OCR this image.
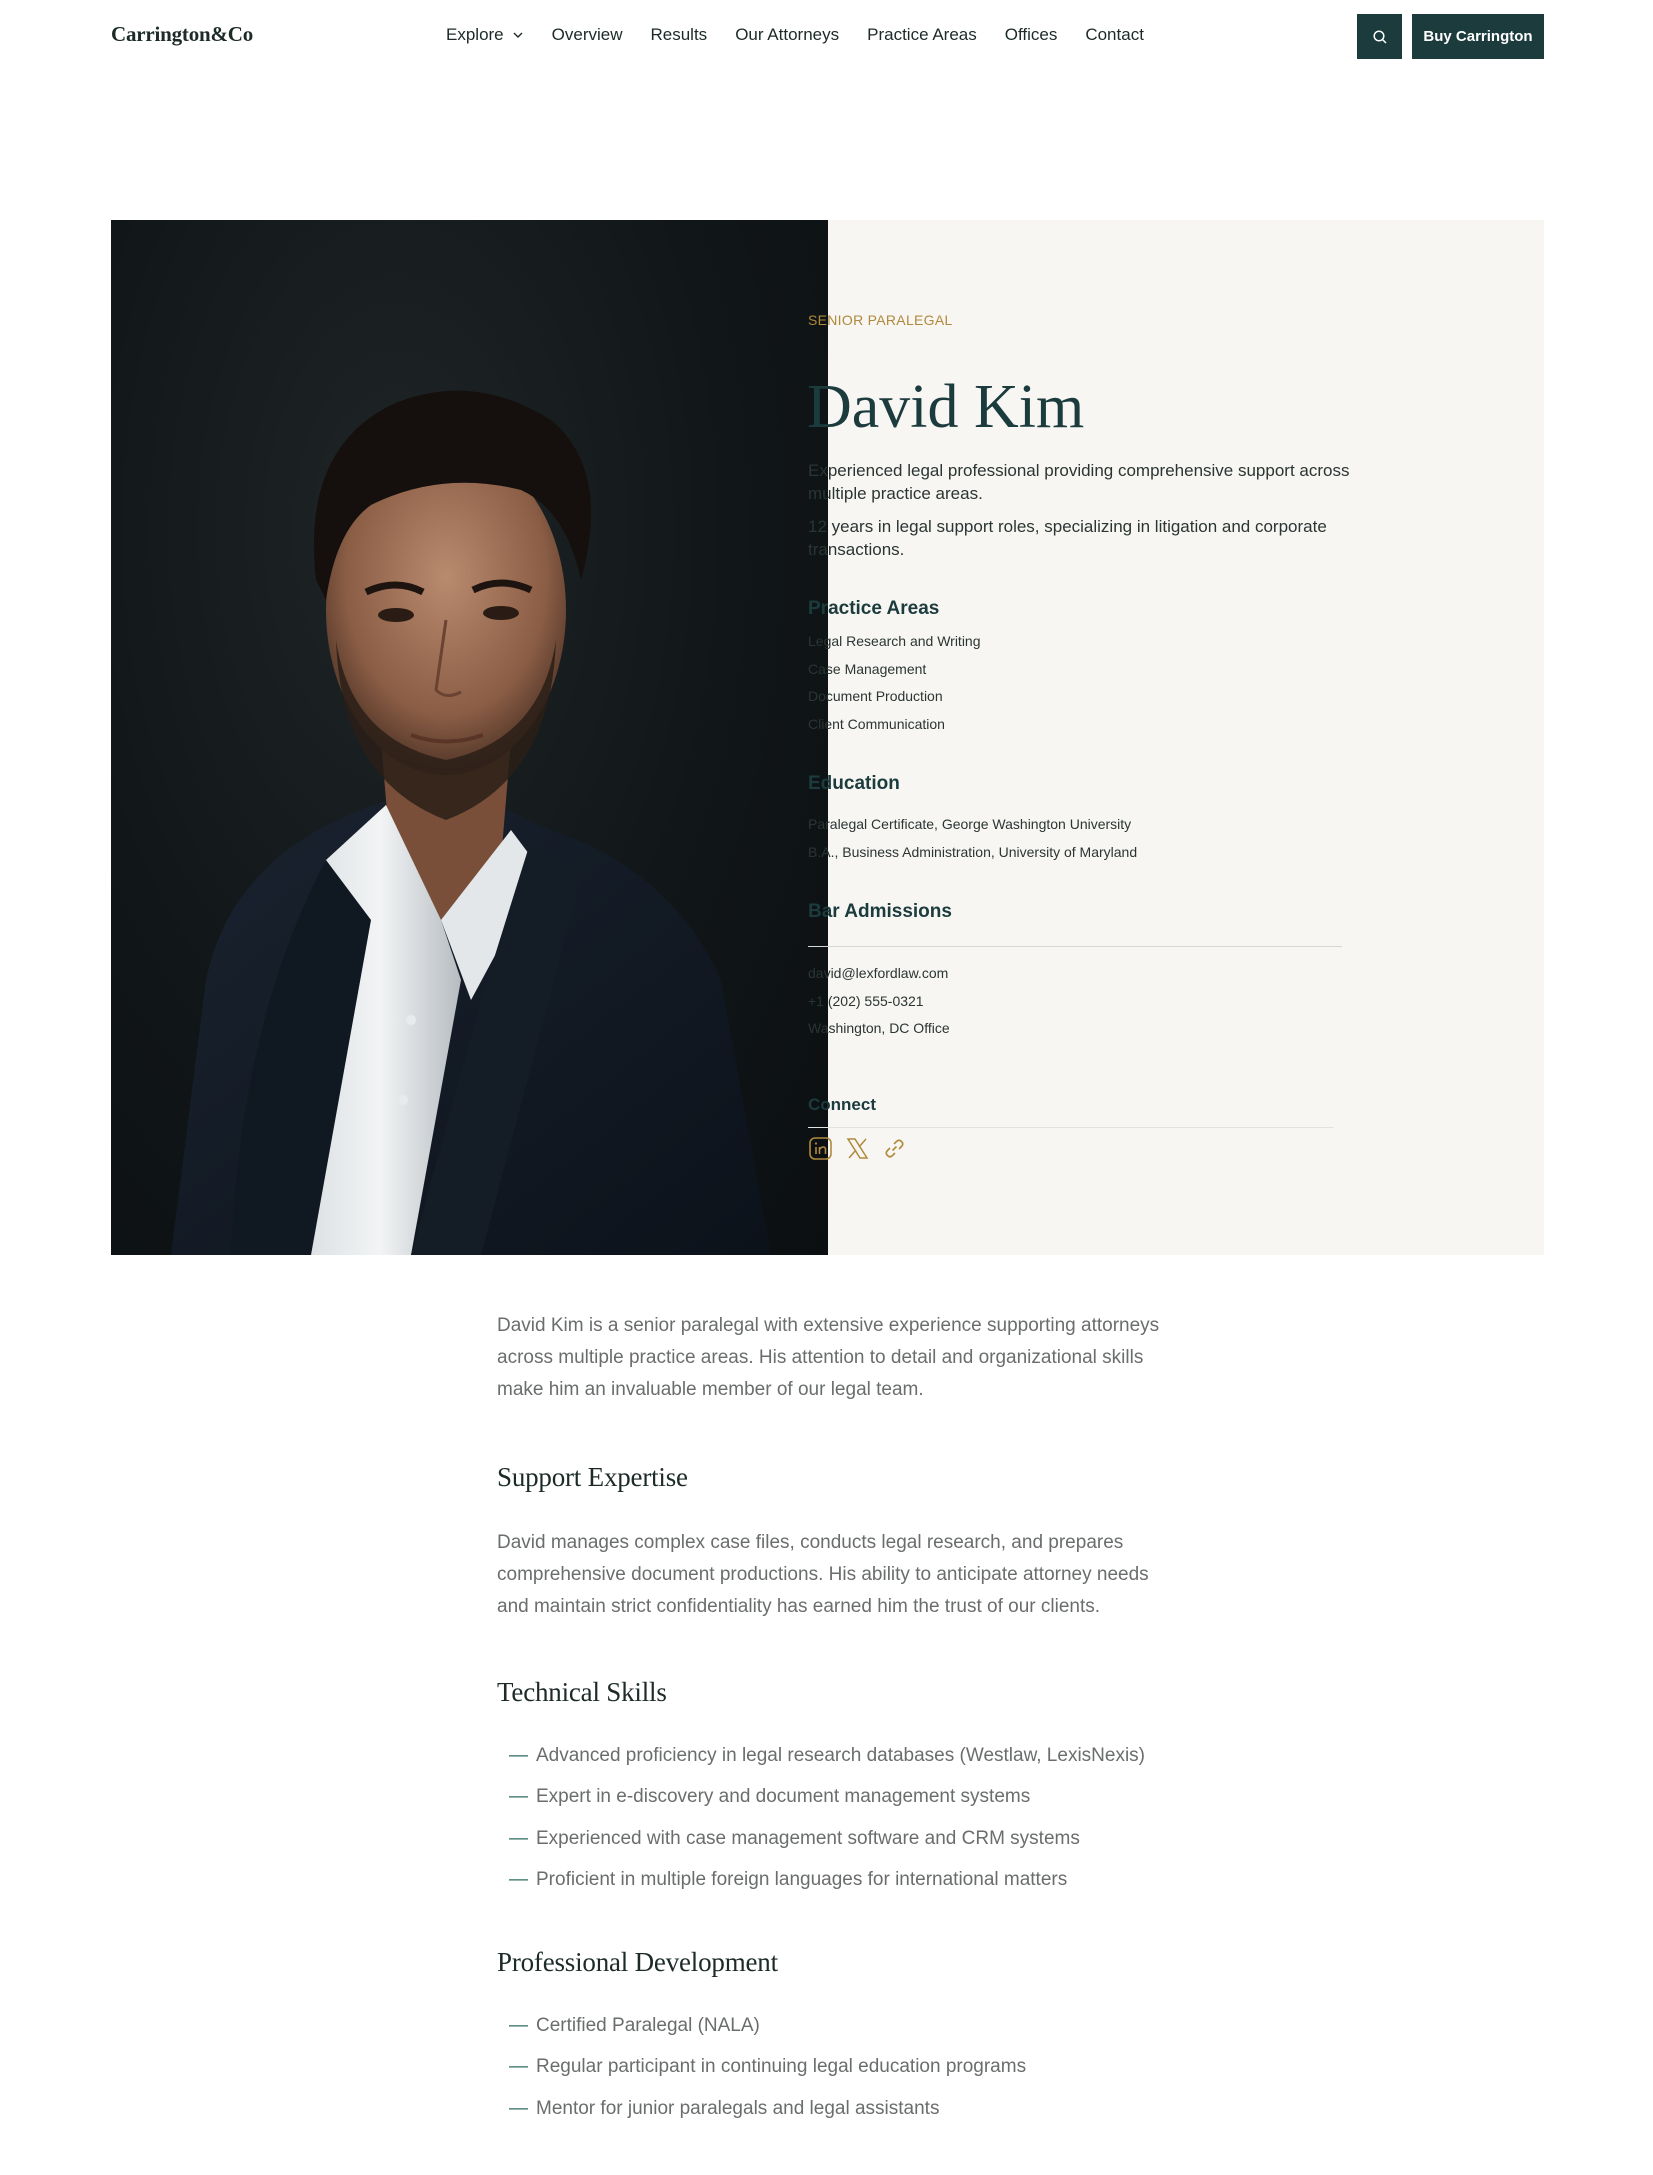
Carrington&Co	Explore	Overview Results Our Attorneys Practice Areas Offices Contact	Buy Carrington
SENIOR PARALEGAL
David Kim

Experienced legal professional providing comprehensive support across multiple practice areas.

12 years in legal support roles, specializing in litigation and corporate transactions.

Practice Areas
Legal Research and Writing
Case Management
Document Production
Client Communication
Education
Paralegal Certificate, George Washington University
B.A., Business Administration, University of Maryland
Bar Admissions
david@lexfordlaw.com
+1 (202) 555-0321
Washington, DC Office
Connect

David Kim is a senior paralegal with extensive experience supporting attorneys across multiple practice areas. His attention to detail and organizational skills make him an invaluable member of our legal team.

Support Expertise

David manages complex case files, conducts legal research, and prepares comprehensive document productions. His ability to anticipate attorney needs and maintain strict confidentiality has earned him the trust of our clients.

Technical Skills
— Advanced proficiency in legal research databases (Westlaw, LexisNexis)
— Expert in e-discovery and document management systems
— Experienced with case management software and CRM systems
— Proficient in multiple foreign languages for international matters
Professional Development
— Certified Paralegal (NALA)
— Regular participant in continuing legal education programs
— Mentor for junior paralegals and legal assistants
